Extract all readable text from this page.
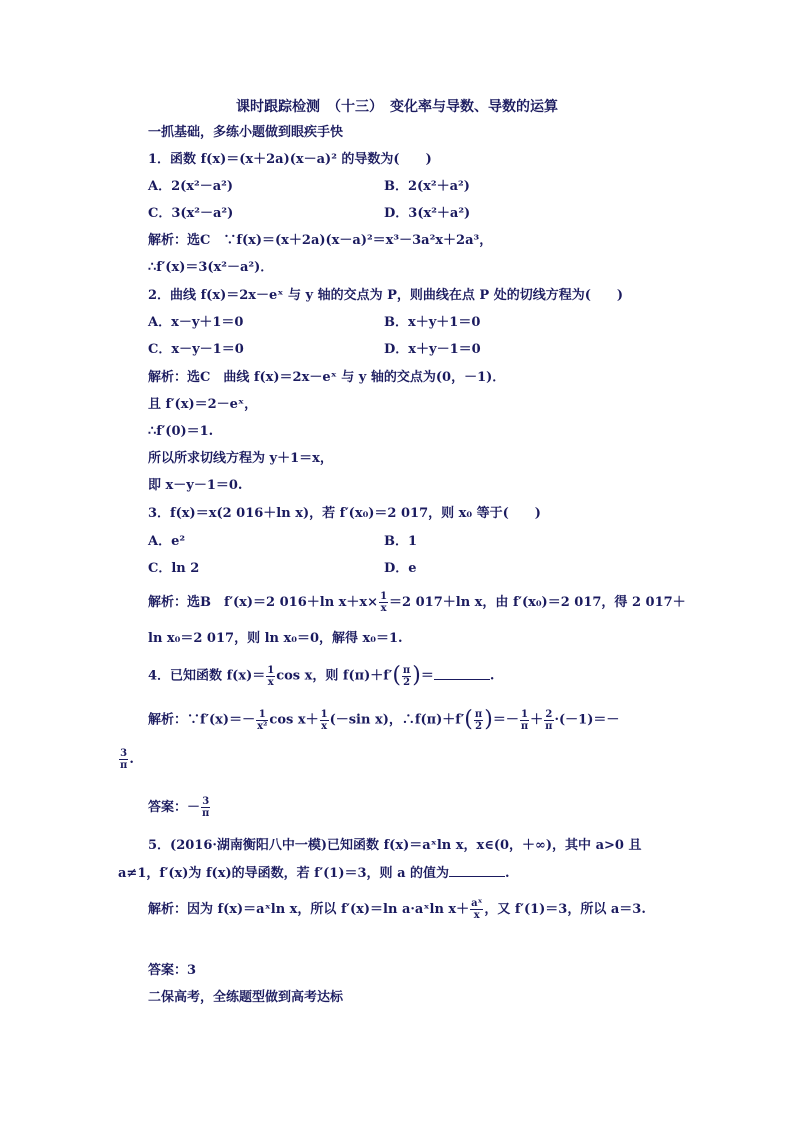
课时跟踪检测　（十三）　变化率与导数、导数的运算
一抓基础，多练小题做到眼疾手快
1．函数 f(x)＝(x＋2a)(x－a)² 的导数为(　　)
A．2(x²－a²)	B．2(x²＋a²)
C．3(x²－a²)	D．3(x²＋a²)
解析：选C　∵f(x)＝(x＋2a)(x－a)²＝x³－3a²x＋2a³，
∴f′(x)＝3(x²－a²)．
2．曲线 f(x)＝2x－eˣ 与 y 轴的交点为 P，则曲线在点 P 处的切线方程为(　　)
A．x－y＋1＝0	B．x＋y＋1＝0
C．x－y－1＝0	D．x＋y－1＝0
解析：选C　曲线 f(x)＝2x－eˣ 与 y 轴的交点为(0，－1)．
且 f′(x)＝2－eˣ，
∴f′(0)＝1.
所以所求切线方程为 y＋1＝x，
即 x－y－1＝0.
3．f(x)＝x(2 016＋ln x)，若 f′(x₀)＝2 017，则 x₀ 等于(　　)
A．e²	B．1
C．ln 2	D．e
解析：选B　f′(x)＝2 016＋ln $x+x\times \frac{1}{x} =2$ 017＋ln x，由 f′(x₀)＝2 017，得 2 017＋
ln x₀＝2 017，则 ln x₀＝0，解得 x₀＝1.
4．已知函数 $f(x)= \frac{1}{x}$ cos x，则 $f(\pi)+f'( \frac{\pi}{2}$ )＝	.
解析：∵f′(x)＝－ $\frac{1}{\text{x²}}$ $\cos x+ \frac{1}{x} (-\sin$ x)，∴f(π)＋f′( $\frac{\pi}{2}$ )＝－ $\frac{1}{\pi} + \frac{2}{\pi} \cdot(-1)=-$
$\frac{3}{\pi}$ .
答案：－ $\frac{3}{\pi}$
5．(2016·湖南衡阳八中一模)已知函数 f(x)＝aˣln x，x∈(0，＋∞)，其中 a>0 且
a≠1，f′(x)为 f(x)的导函数，若 f′(1)＝3，则 a 的值为	.
解析：因为 f(x)＝aˣln x，所以 f′(x)＝ln a·aˣln $x+ \frac{\text{aˣ}}{x}$ ，又 f′(1)＝3，所以 a＝3.
答案：3
二保高考，全练题型做到高考达标
